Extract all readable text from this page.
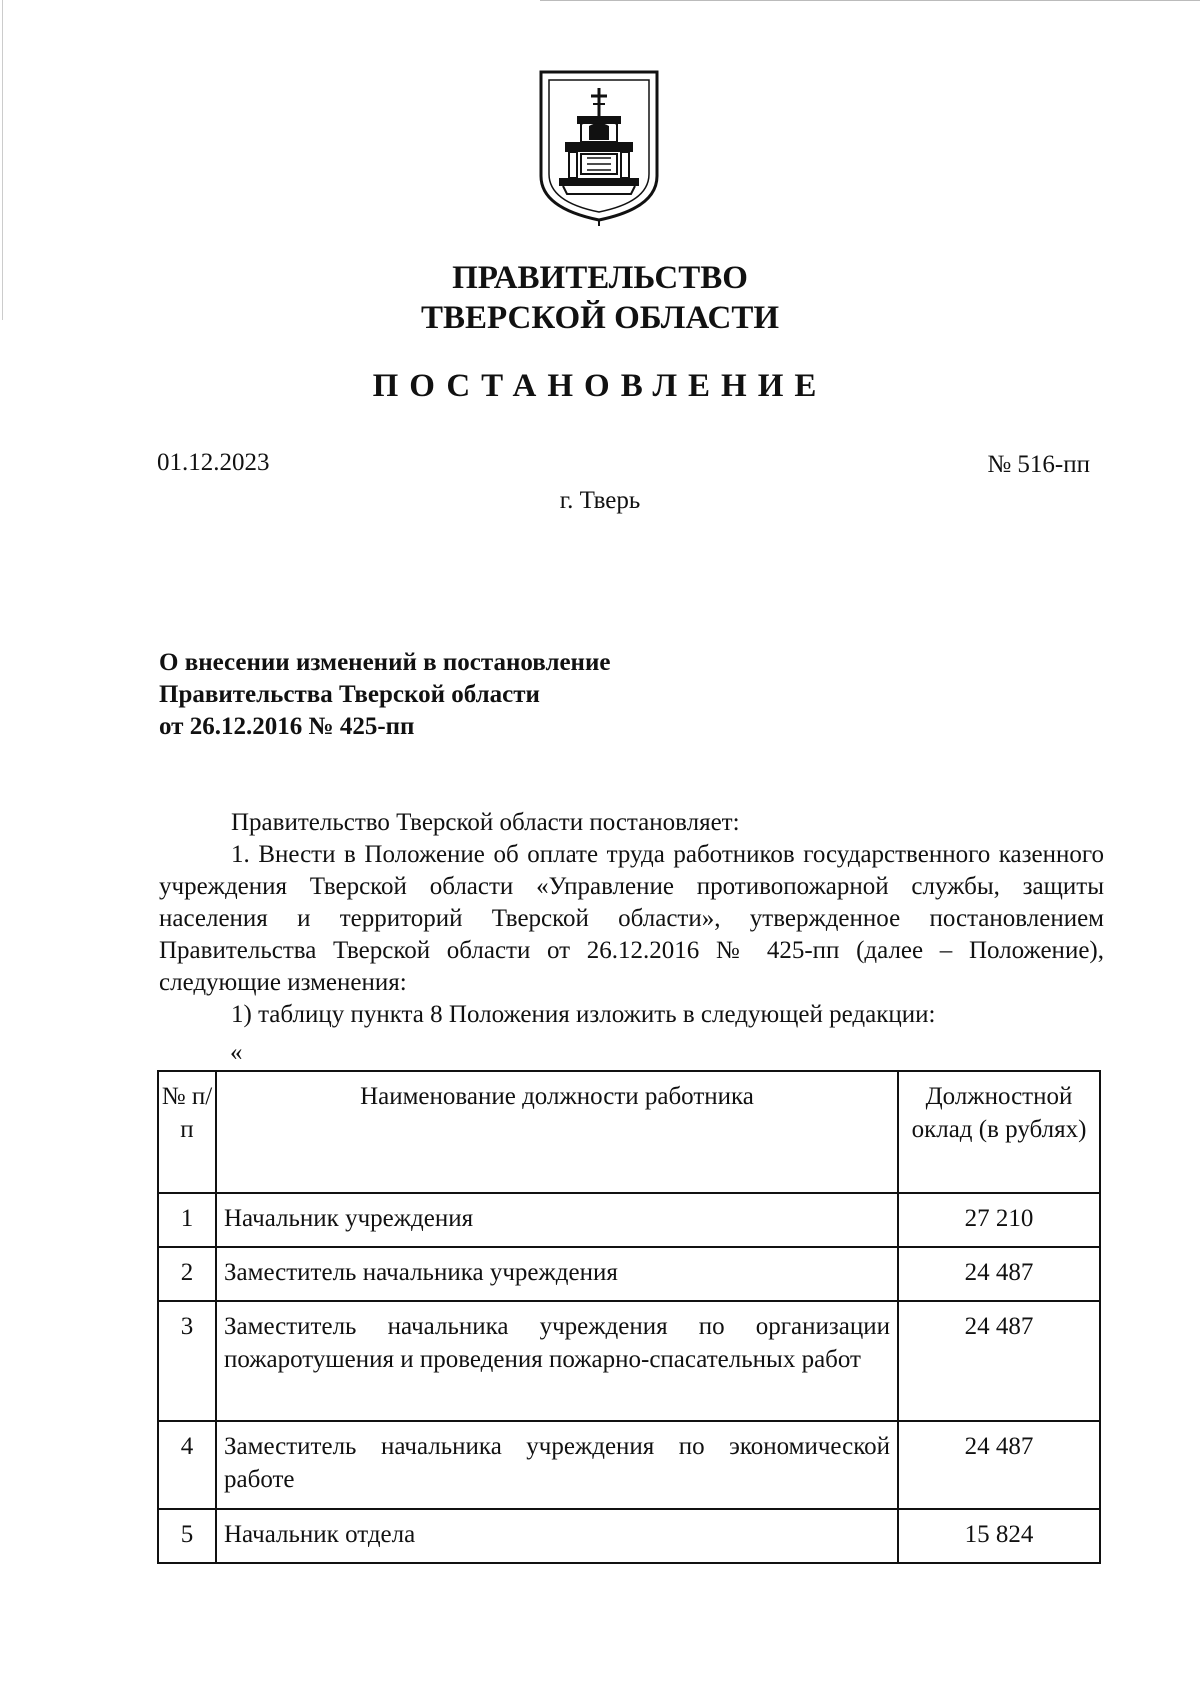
ПРАВИТЕЛЬСТВО
ТВЕРСКОЙ ОБЛАСТИ
ПОСТАНОВЛЕНИЕ
01.12.2023	№ 516-пп
г. Тверь
О внесении изменений в постановление
Правительства Тверской области
от 26.12.2016 № 425-пп

Правительство Тверской области постановляет:

1. Внести в Положение об оплате труда работников государственного казенного учреждения Тверской области «Управление противопожарной службы, защиты населения и территорий Тверской области», утвержденное постановлением Правительства Тверской области от 26.12.2016 № 425-пп (далее – Положение), следующие изменения:

1) таблицу пункта 8 Положения изложить в следующей редакции:

«
№ п/п	Наименование должности работника	Должностной оклад (в рублях)
1	Начальник учреждения	27 210
2	Заместитель начальника учреждения	24 487
3	Заместитель начальника учреждения по организации пожаротушения и проведения пожарно-спасательных работ	24 487
4	Заместитель начальника учреждения по экономической работе	24 487
5	Начальник отдела	15 824
